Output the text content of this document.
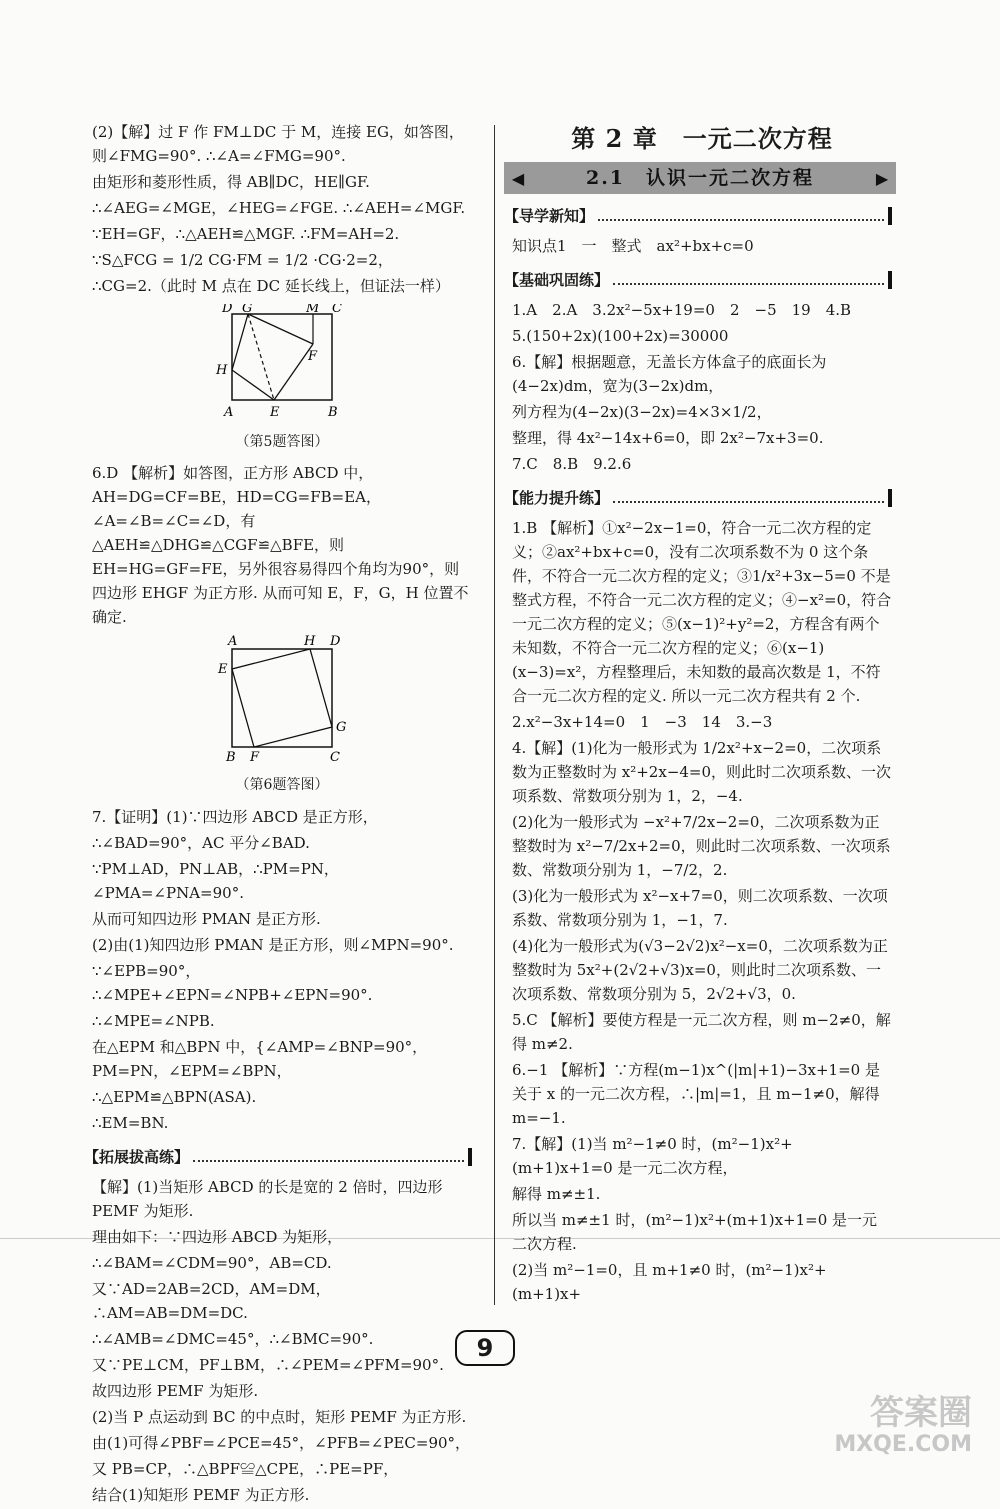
(2)【解】过 F 作 FM⊥DC 于 M，连接 EG，如答图，则∠FMG=90°. ∴∠A=∠FMG=90°.

由矩形和菱形性质，得 AB∥DC，HE∥GF.

∴∠AEG=∠MGE，∠HEG=∠FGE. ∴∠AEH=∠MGF.

∵EH=GF，∴△AEH≌△MGF. ∴FM=AH=2.

∵S△FCG = 1/2 CG·FM = 1/2 ·CG·2=2，

∴CG=2.（此时 M 点在 DC 延长线上，但证法一样）

D G	M C
H
F
A	E	B
（第5题答图）

6.D 【解析】如答图，正方形 ABCD 中，AH=DG=CF=BE，HD=CG=FB=EA，∠A=∠B=∠C=∠D，有△AEH≌△DHG≌△CGF≌△BFE，则 EH=HG=GF=FE，另外很容易得四个角均为90°，则四边形 EHGF 为正方形. 从而可知 E，F，G，H 位置不确定.

A	H D
E
G
B F	C
（第6题答图）

7.【证明】(1)∵四边形 ABCD 是正方形，

∴∠BAD=90°，AC 平分∠BAD.

∵PM⊥AD，PN⊥AB，∴PM=PN，∠PMA=∠PNA=90°.

从而可知四边形 PMAN 是正方形.

(2)由(1)知四边形 PMAN 是正方形，则∠MPN=90°.

∵∠EPB=90°，∴∠MPE+∠EPN=∠NPB+∠EPN=90°.

∴∠MPE=∠NPB.

在△EPM 和△BPN 中，{∠AMP=∠BNP=90°，PM=PN，∠EPM=∠BPN，

∴△EPM≌△BPN(ASA).

∴EM=BN.

【拓展拔高练】

【解】(1)当矩形 ABCD 的长是宽的 2 倍时，四边形 PEMF 为矩形.

理由如下：∵四边形 ABCD 为矩形，

∴∠BAM=∠CDM=90°，AB=CD.

又∵AD=2AB=2CD，AM=DM，∴AM=AB=DM=DC.

∴∠AMB=∠DMC=45°，∴∠BMC=90°.

又∵PE⊥CM，PF⊥BM，∴∠PEM=∠PFM=90°.

故四边形 PEMF 为矩形.

(2)当 P 点运动到 BC 的中点时，矩形 PEMF 为正方形.

由(1)可得∠PBF=∠PCE=45°，∠PFB=∠PEC=90°，

又 PB=CP，∴△BPF≌△CPE，∴PE=PF，

结合(1)知矩形 PEMF 为正方形.

第 2 章　一元二次方程
◀	2.1　认识一元二次方程	▶
【导学新知】

知识点1　一　整式　ax²+bx+c=0

【基础巩固练】

1.A　2.A　3.2x²−5x+19=0　2　−5　19　4.B

5.(150+2x)(100+2x)=30000

6.【解】根据题意，无盖长方体盒子的底面长为(4−2x)dm，宽为(3−2x)dm，

列方程为(4−2x)(3−2x)=4×3×1/2，

整理，得 4x²−14x+6=0，即 2x²−7x+3=0.

7.C　8.B　9.2.6

【能力提升练】

1.B 【解析】①x²−2x−1=0，符合一元二次方程的定义；②ax²+bx+c=0，没有二次项系数不为 0 这个条件，不符合一元二次方程的定义；③1/x²+3x−5=0 不是整式方程，不符合一元二次方程的定义；④−x²=0，符合一元二次方程的定义；⑤(x−1)²+y²=2，方程含有两个未知数，不符合一元二次方程的定义；⑥(x−1)(x−3)=x²，方程整理后，未知数的最高次数是 1，不符合一元二次方程的定义. 所以一元二次方程共有 2 个.

2.x²−3x+14=0　1　−3　14　3.−3

4.【解】(1)化为一般形式为 1/2x²+x−2=0，二次项系数为正整数时为 x²+2x−4=0，则此时二次项系数、一次项系数、常数项分别为 1，2，−4.

(2)化为一般形式为 −x²+7/2x−2=0，二次项系数为正整数时为 x²−7/2x+2=0，则此时二次项系数、一次项系数、常数项分别为 1，−7/2，2.

(3)化为一般形式为 x²−x+7=0，则二次项系数、一次项系数、常数项分别为 1，−1，7.

(4)化为一般形式为(√3−2√2)x²−x=0，二次项系数为正整数时为 5x²+(2√2+√3)x=0，则此时二次项系数、一次项系数、常数项分别为 5，2√2+√3，0.

5.C 【解析】要使方程是一元二次方程，则 m−2≠0，解得 m≠2.

6.−1 【解析】∵方程(m−1)x^(|m|+1)−3x+1=0 是关于 x 的一元二次方程，∴|m|=1，且 m−1≠0，解得 m=−1.

7.【解】(1)当 m²−1≠0 时，(m²−1)x²+(m+1)x+1=0 是一元二次方程，

解得 m≠±1.

所以当 m≠±1 时，(m²−1)x²+(m+1)x+1=0 是一元二次方程.

(2)当 m²−1=0，且 m+1≠0 时，(m²−1)x²+(m+1)x+

9
答案圈
MXQE.COM
